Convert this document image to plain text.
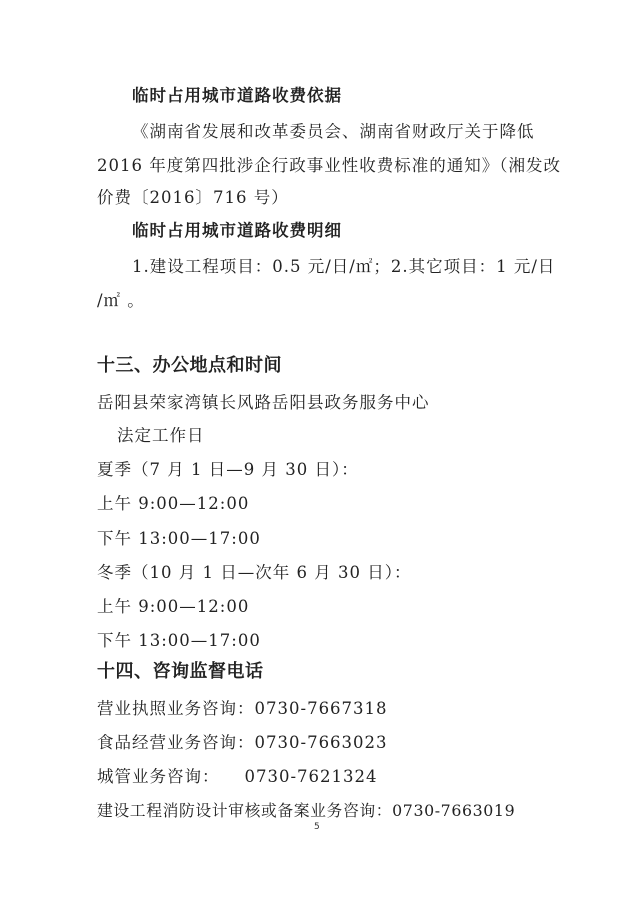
临时占用城市道路收费依据
《湖南省发展和改革委员会、湖南省财政厅关于降低
2016 年度第四批涉企行政事业性收费标准的通知》（湘发改
价费〔2016〕716 号）
临时占用城市道路收费明细
1.建设工程项目：0.5 元/日/㎡；2.其它项目：1 元/日
/㎡ 。
十三、办公地点和时间
岳阳县荣家湾镇长风路岳阳县政务服务中心
法定工作日
夏季（7 月 1 日—9 月 30 日）：
上午 9:00—12:00
下午 13:00—17:00
冬季（10 月 1 日—次年 6 月 30 日）：
上午 9:00—12:00
下午 13:00—17:00
十四、咨询监督电话
营业执照业务咨询：0730-7667318
食品经营业务咨询：0730-7663023
城管业务咨询：    0730-7621324
建设工程消防设计审核或备案业务咨询：0730-7663019
5
